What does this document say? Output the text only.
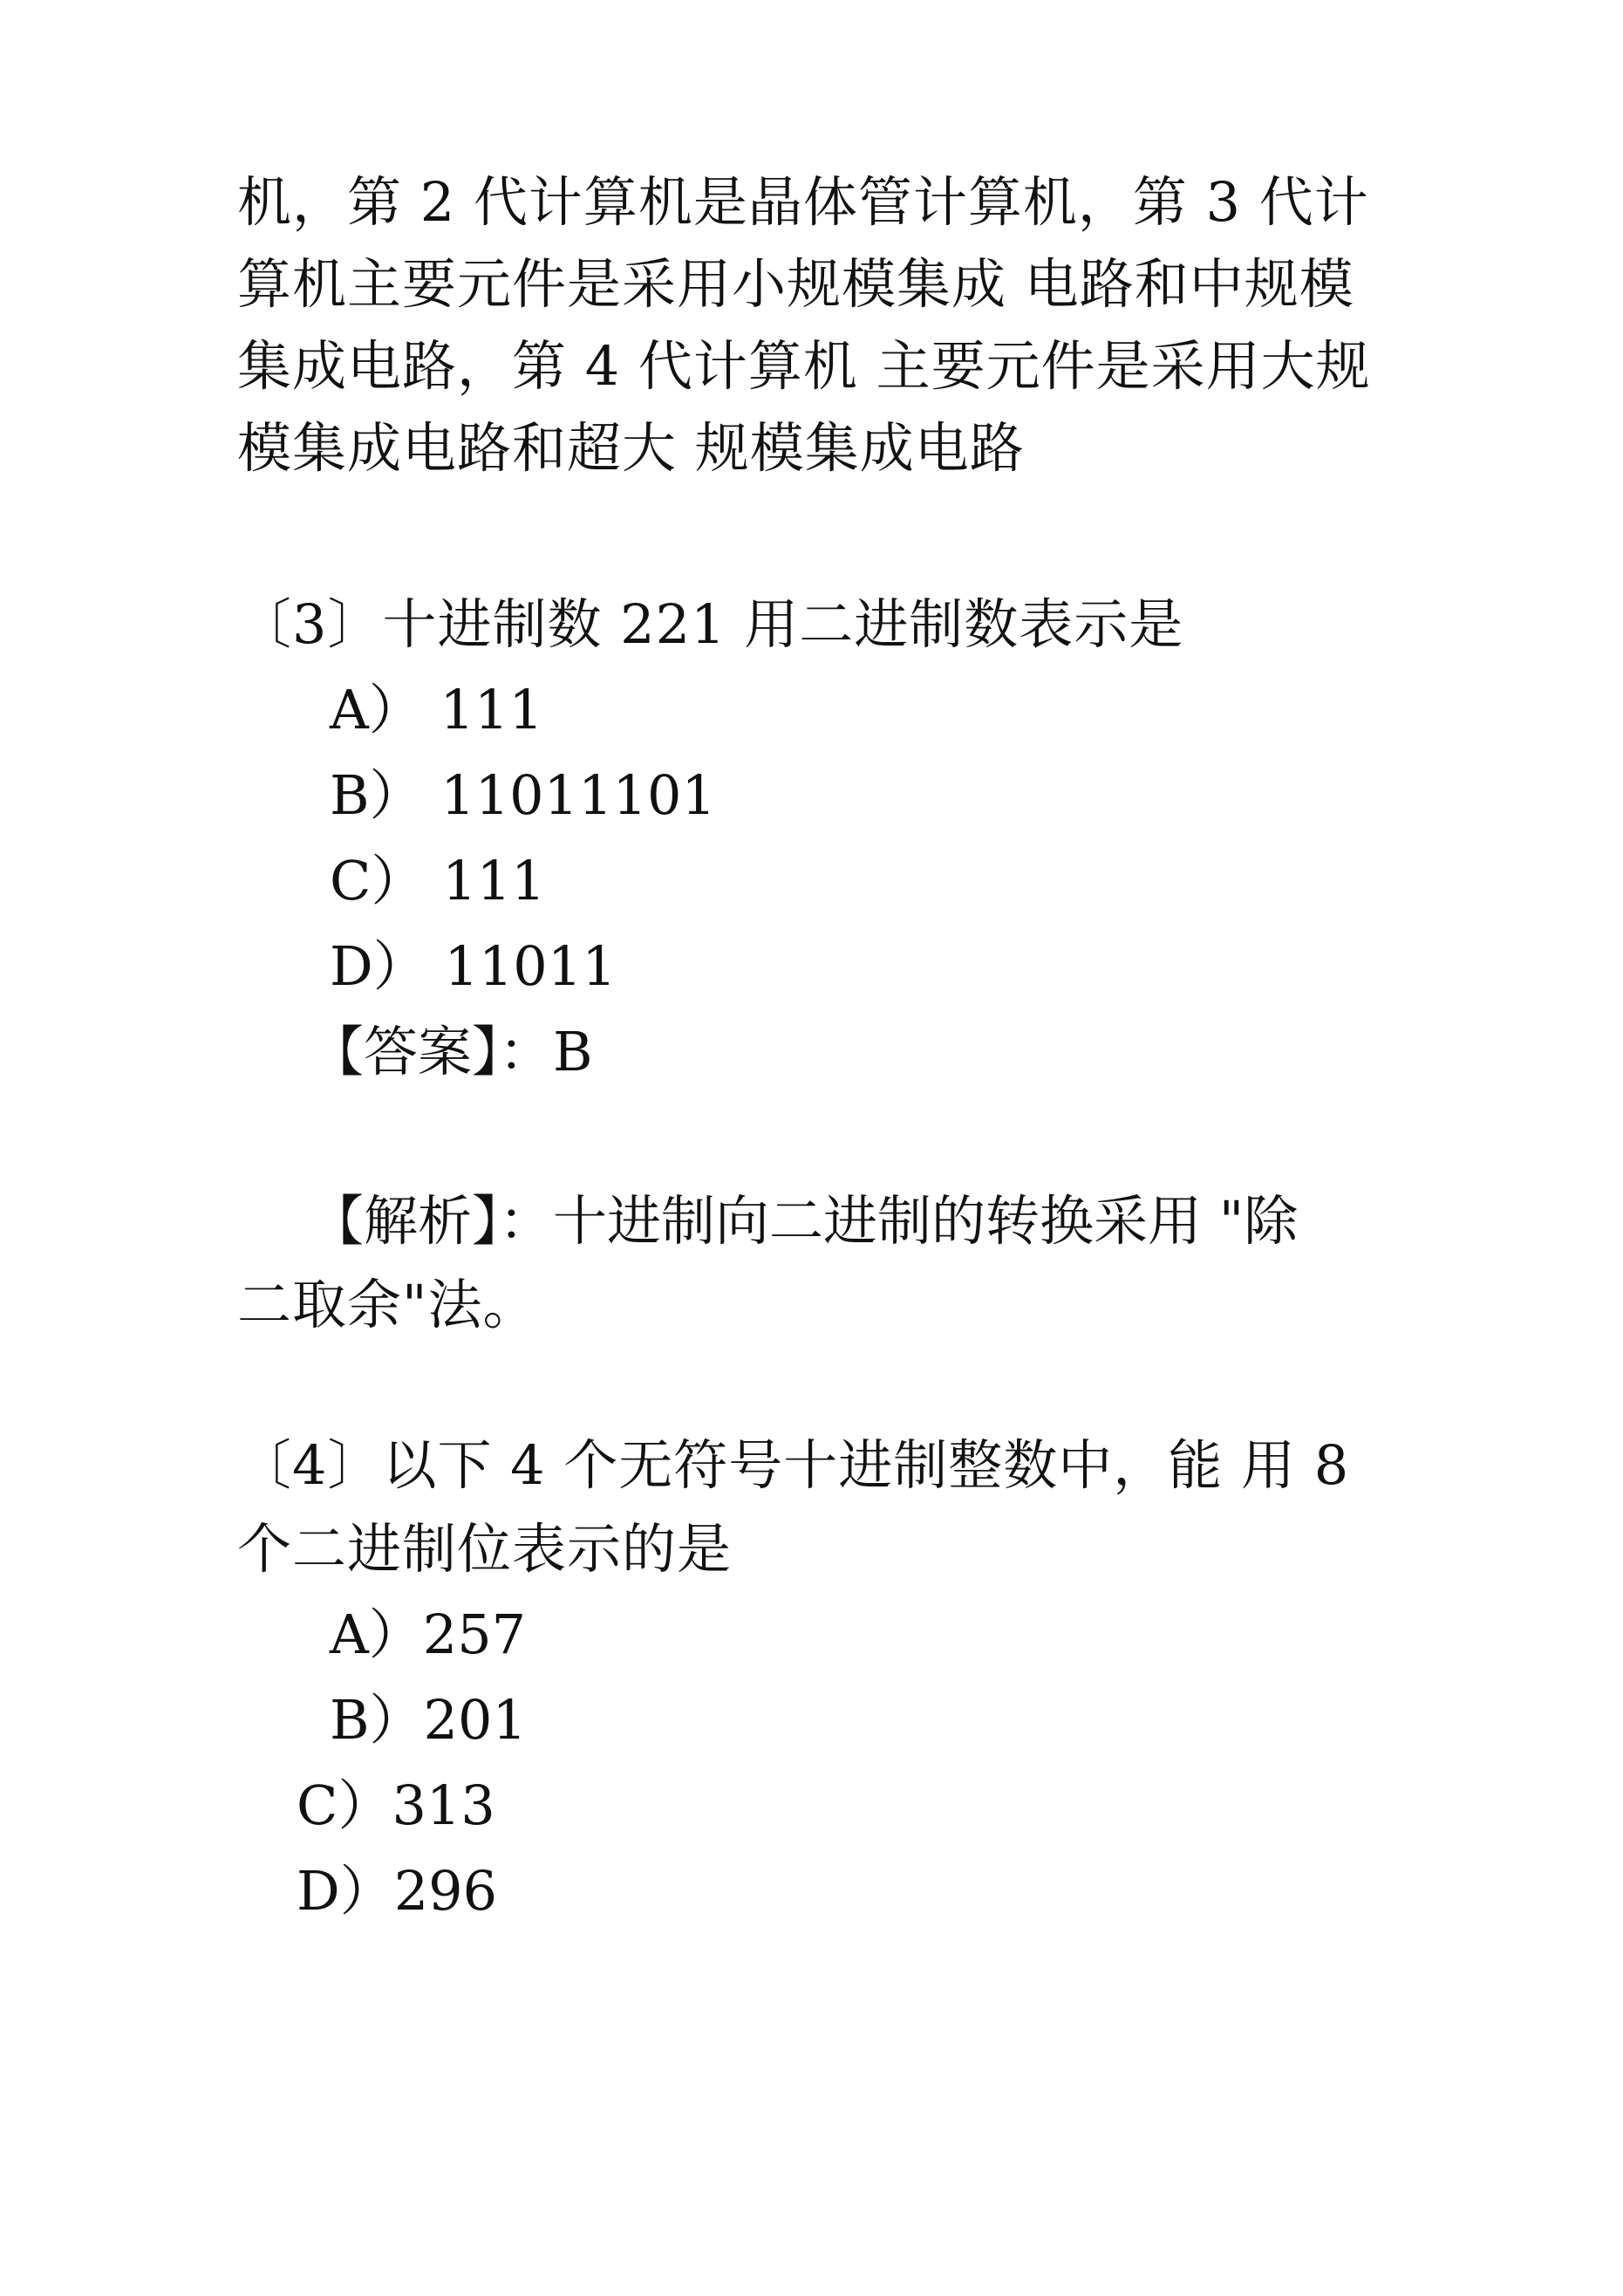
机，第 2 代计算机是晶体管计算机，第 3 代计
算机主要元件是采用小规模集成 电路和中规模
集成电路，第 4 代计算机 主要元件是采用大规
模集成电路和超大 规模集成电路
〔3〕十进制数 221 用二进制数表示是
A） 111
B） 11011101
C） 111
D） 11011
【答案】：B
【解析】：十进制向二进制的转换采用 "除
二取余"法。
〔4〕以下 4 个无符号十进制整数中，能 用 8
个二进制位表示的是
A）257
B）201
C）313
D）296
